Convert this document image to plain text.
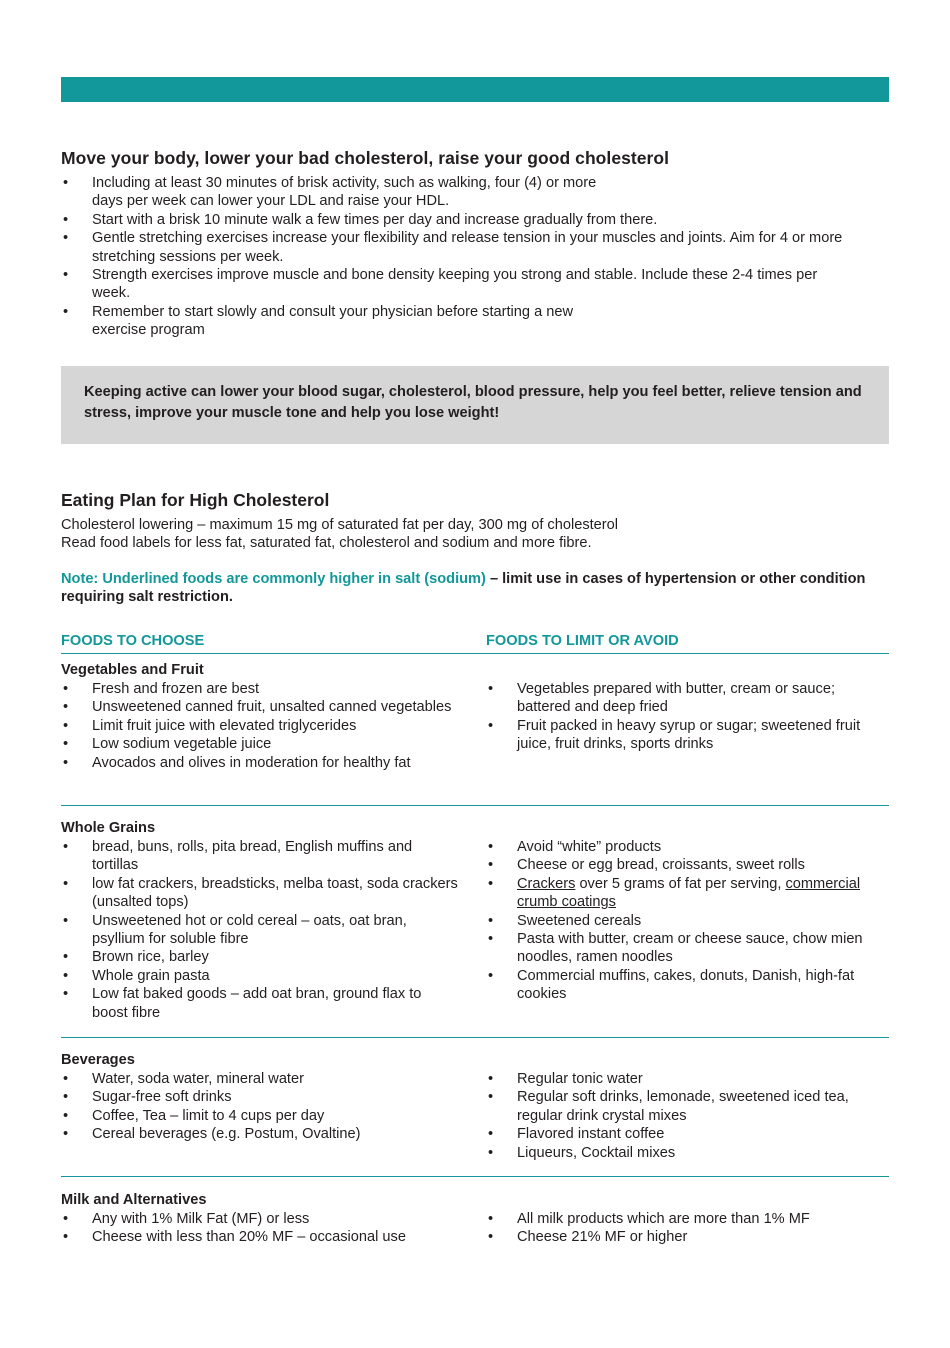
Move your body, lower your bad cholesterol, raise your good cholesterol
• Including at least 30 minutes of brisk activity, such as walking, four (4) or more
days per week can lower your LDL and raise your HDL.
• Start with a brisk 10 minute walk a few times per day and increase gradually from there.
• Gentle stretching exercises increase your flexibility and release tension in your muscles and joints. Aim for 4 or more
stretching sessions per week.
• Strength exercises improve muscle and bone density keeping you strong and stable. Include these 2-4 times per
week.
• Remember to start slowly and consult your physician before starting a new
exercise program

Keeping active can lower your blood sugar, cholesterol, blood pressure, help you feel better, relieve tension and stress, improve your muscle tone and help you lose weight!

Eating Plan for High Cholesterol
Cholesterol lowering – maximum 15 mg of saturated fat per day, 300 mg of cholesterol
Read food labels for less fat, saturated fat, cholesterol and sodium and more fibre.
Note: Underlined foods are commonly higher in salt (sodium) – limit use in cases of hypertension or other condition requiring salt restriction.
FOODS TO CHOOSE	FOODS TO LIMIT OR AVOID
Vegetables and Fruit
• Fresh and frozen are best
• Unsweetened canned fruit, unsalted canned vegetables
• Limit fruit juice with elevated triglycerides
• Low sodium vegetable juice
• Avocados and olives in moderation for healthy fat
• Vegetables prepared with butter, cream or sauce; battered and deep fried
• Fruit packed in heavy syrup or sugar; sweetened fruit juice, fruit drinks, sports drinks
Whole Grains
• bread, buns, rolls, pita bread, English muffins and tortillas
• low fat crackers, breadsticks, melba toast, soda crackers (unsalted tops)
• Unsweetened hot or cold cereal – oats, oat bran, psyllium for soluble fibre
• Brown rice, barley
• Whole grain pasta
• Low fat baked goods – add oat bran, ground flax to boost fibre
• Avoid “white” products
• Cheese or egg bread, croissants, sweet rolls
• Crackers over 5 grams of fat per serving, commercial crumb coatings
• Sweetened cereals
• Pasta with butter, cream or cheese sauce, chow mien noodles, ramen noodles
• Commercial muffins, cakes, donuts, Danish, high-fat cookies
Beverages
• Water, soda water, mineral water
• Sugar-free soft drinks
• Coffee, Tea – limit to 4 cups per day
• Cereal beverages (e.g. Postum, Ovaltine)
• Regular tonic water
• Regular soft drinks, lemonade, sweetened iced tea, regular drink crystal mixes
• Flavored instant coffee
• Liqueurs, Cocktail mixes
Milk and Alternatives
• Any with 1% Milk Fat (MF) or less
• Cheese with less than 20% MF – occasional use
• All milk products which are more than 1% MF
• Cheese 21% MF or higher
